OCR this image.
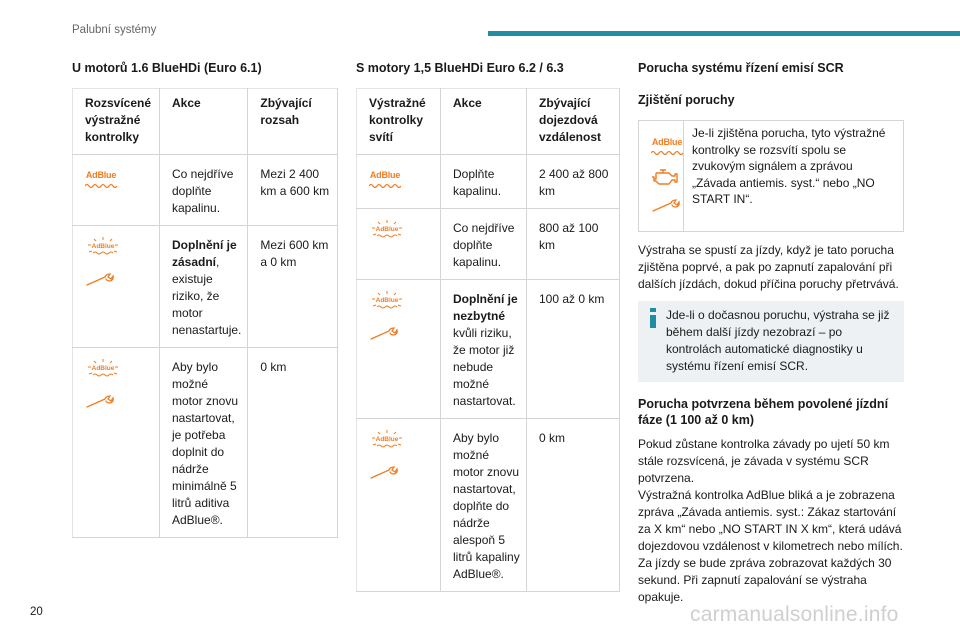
Palubní systémy
20	carmanualsonline.info
U motorů 1.6 BlueHDi (Euro 6.1)
Rozsvícené výstražné kontrolky	Akce	Zbývající rozsah
AdBlue	Co nejdříve doplňte kapalinu.	Mezi 2 400 km a 600 km

AdBlue	Doplnění je zásadní, existuje riziko, že motor nenastartuje.	Mezi 600 km a 0 km

AdBlue	Aby bylo možné motor znovu nastartovat, je potřeba doplnit do nádrže minimálně 5 litrů aditiva AdBlue®.	0 km
S motory 1,5 BlueHDi Euro 6.2 / 6.3
Výstražné kontrolky svítí	Akce	Zbývající dojezdová vzdálenost
AdBlue	Doplňte kapalinu.	2 400 až 800 km

AdBlue	Co nejdříve doplňte kapalinu.	800 až 100 km

AdBlue	Doplnění je nezbytné kvůli riziku, že motor již nebude možné nastartovat.	100 až 0 km

AdBlue	Aby bylo možné motor znovu nastartovat, doplňte do nádrže alespoň 5 litrů kapaliny AdBlue®.	0 km
Porucha systému řízení emisí SCR
Zjištění poruchy
AdBlue
Je-li zjištěna porucha, tyto výstražné kontrolky se rozsvítí spolu se zvukovým signálem a zprávou „Závada antiemis. syst.“ nebo „NO START IN“.
Výstraha se spustí za jízdy, když je tato porucha zjištěna poprvé, a pak po zapnutí zapalování při dalších jízdách, dokud příčina poruchy přetrvává.
Jde-li o dočasnou poruchu, výstraha se již během další jízdy nezobrazí – po kontrolách automatické diagnostiky u systému řízení emisí SCR.
Porucha potvrzena během povolené jízdní fáze (1 100 až 0 km)
Pokud zůstane kontrolka závady po ujetí 50 km stále rozsvícená, je závada v systému SCR potvrzena.
Výstražná kontrolka AdBlue bliká a je zobrazena zpráva „Závada antiemis. syst.: Zákaz startování za X km“ nebo „NO START IN X km“, která udává dojezdovou vzdálenost v kilometrech nebo mílích.
Za jízdy se bude zpráva zobrazovat každých 30 sekund. Při zapnutí zapalování se výstraha opakuje.
